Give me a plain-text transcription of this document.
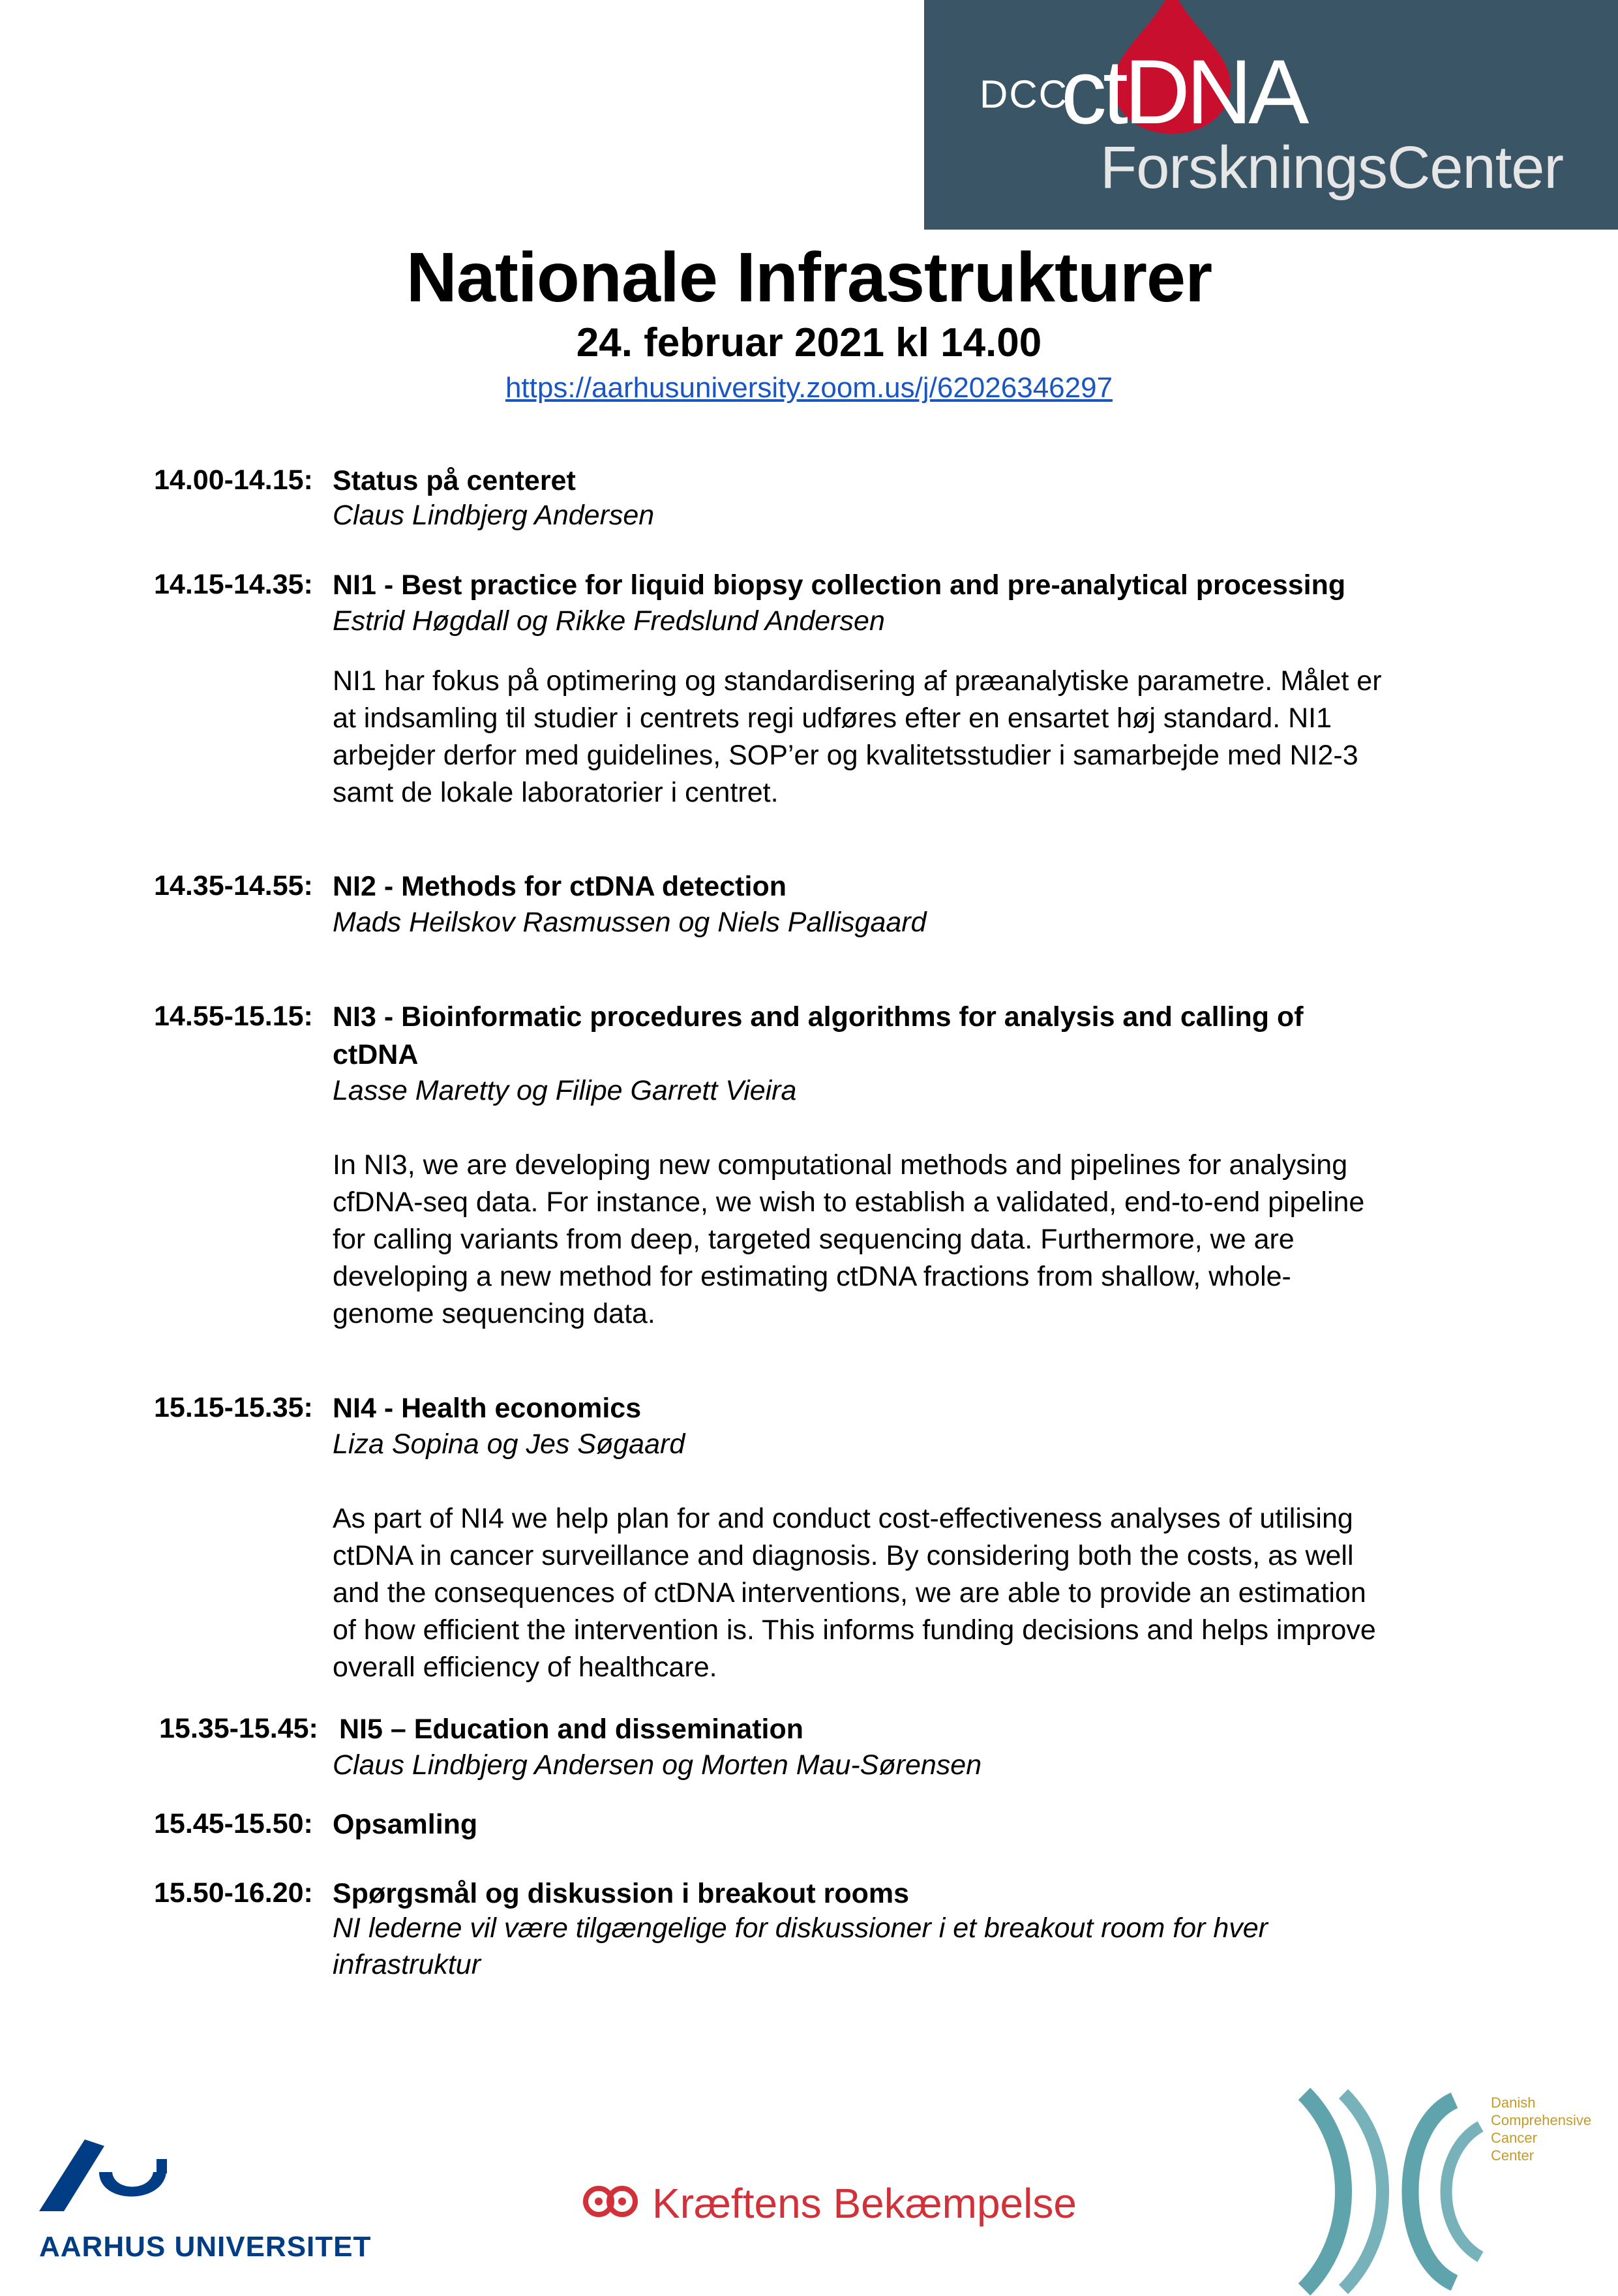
DCC
ctDNA
ForskningsCenter
Nationale Infrastrukturer
24. februar 2021 kl 14.00
https://aarhusuniversity.zoom.us/j/62026346297
14.00-14.15: Status på centeret
Claus Lindbjerg Andersen
14.15-14.35: NI1 - Best practice for liquid biopsy collection and pre-analytical processing
Estrid Høgdall og Rikke Fredslund Andersen
NI1 har fokus på optimering og standardisering af præanalytiske parametre. Målet er
at indsamling til studier i centrets regi udføres efter en ensartet høj standard. NI1
arbejder derfor med guidelines, SOP’er og kvalitetsstudier i samarbejde med NI2-3
samt de lokale laboratorier i centret.
14.35-14.55: NI2 - Methods for ctDNA detection
Mads Heilskov Rasmussen og Niels Pallisgaard
14.55-15.15: NI3 - Bioinformatic procedures and algorithms for analysis and calling of
ctDNA
Lasse Maretty og Filipe Garrett Vieira
In NI3, we are developing new computational methods and pipelines for analysing
cfDNA-seq data. For instance, we wish to establish a validated, end-to-end pipeline
for calling variants from deep, targeted sequencing data. Furthermore, we are
developing a new method for estimating ctDNA fractions from shallow, whole-
genome sequencing data.
15.15-15.35: NI4 - Health economics
Liza Sopina og Jes Søgaard
As part of NI4 we help plan for and conduct cost-effectiveness analyses of utilising
ctDNA in cancer surveillance and diagnosis. By considering both the costs, as well
and the consequences of ctDNA interventions, we are able to provide an estimation
of how efficient the intervention is. This informs funding decisions and helps improve
overall efficiency of healthcare.
15.35-15.45: NI5 – Education and dissemination
Claus Lindbjerg Andersen og Morten Mau-Sørensen
15.45-15.50: Opsamling
15.50-16.20: Spørgsmål og diskussion i breakout rooms
NI lederne vil være tilgængelige for diskussioner i et breakout room for hver
infrastruktur
AARHUS UNIVERSITET
Kræftens Bekæmpelse
Danish
Comprehensive
Cancer
Center
